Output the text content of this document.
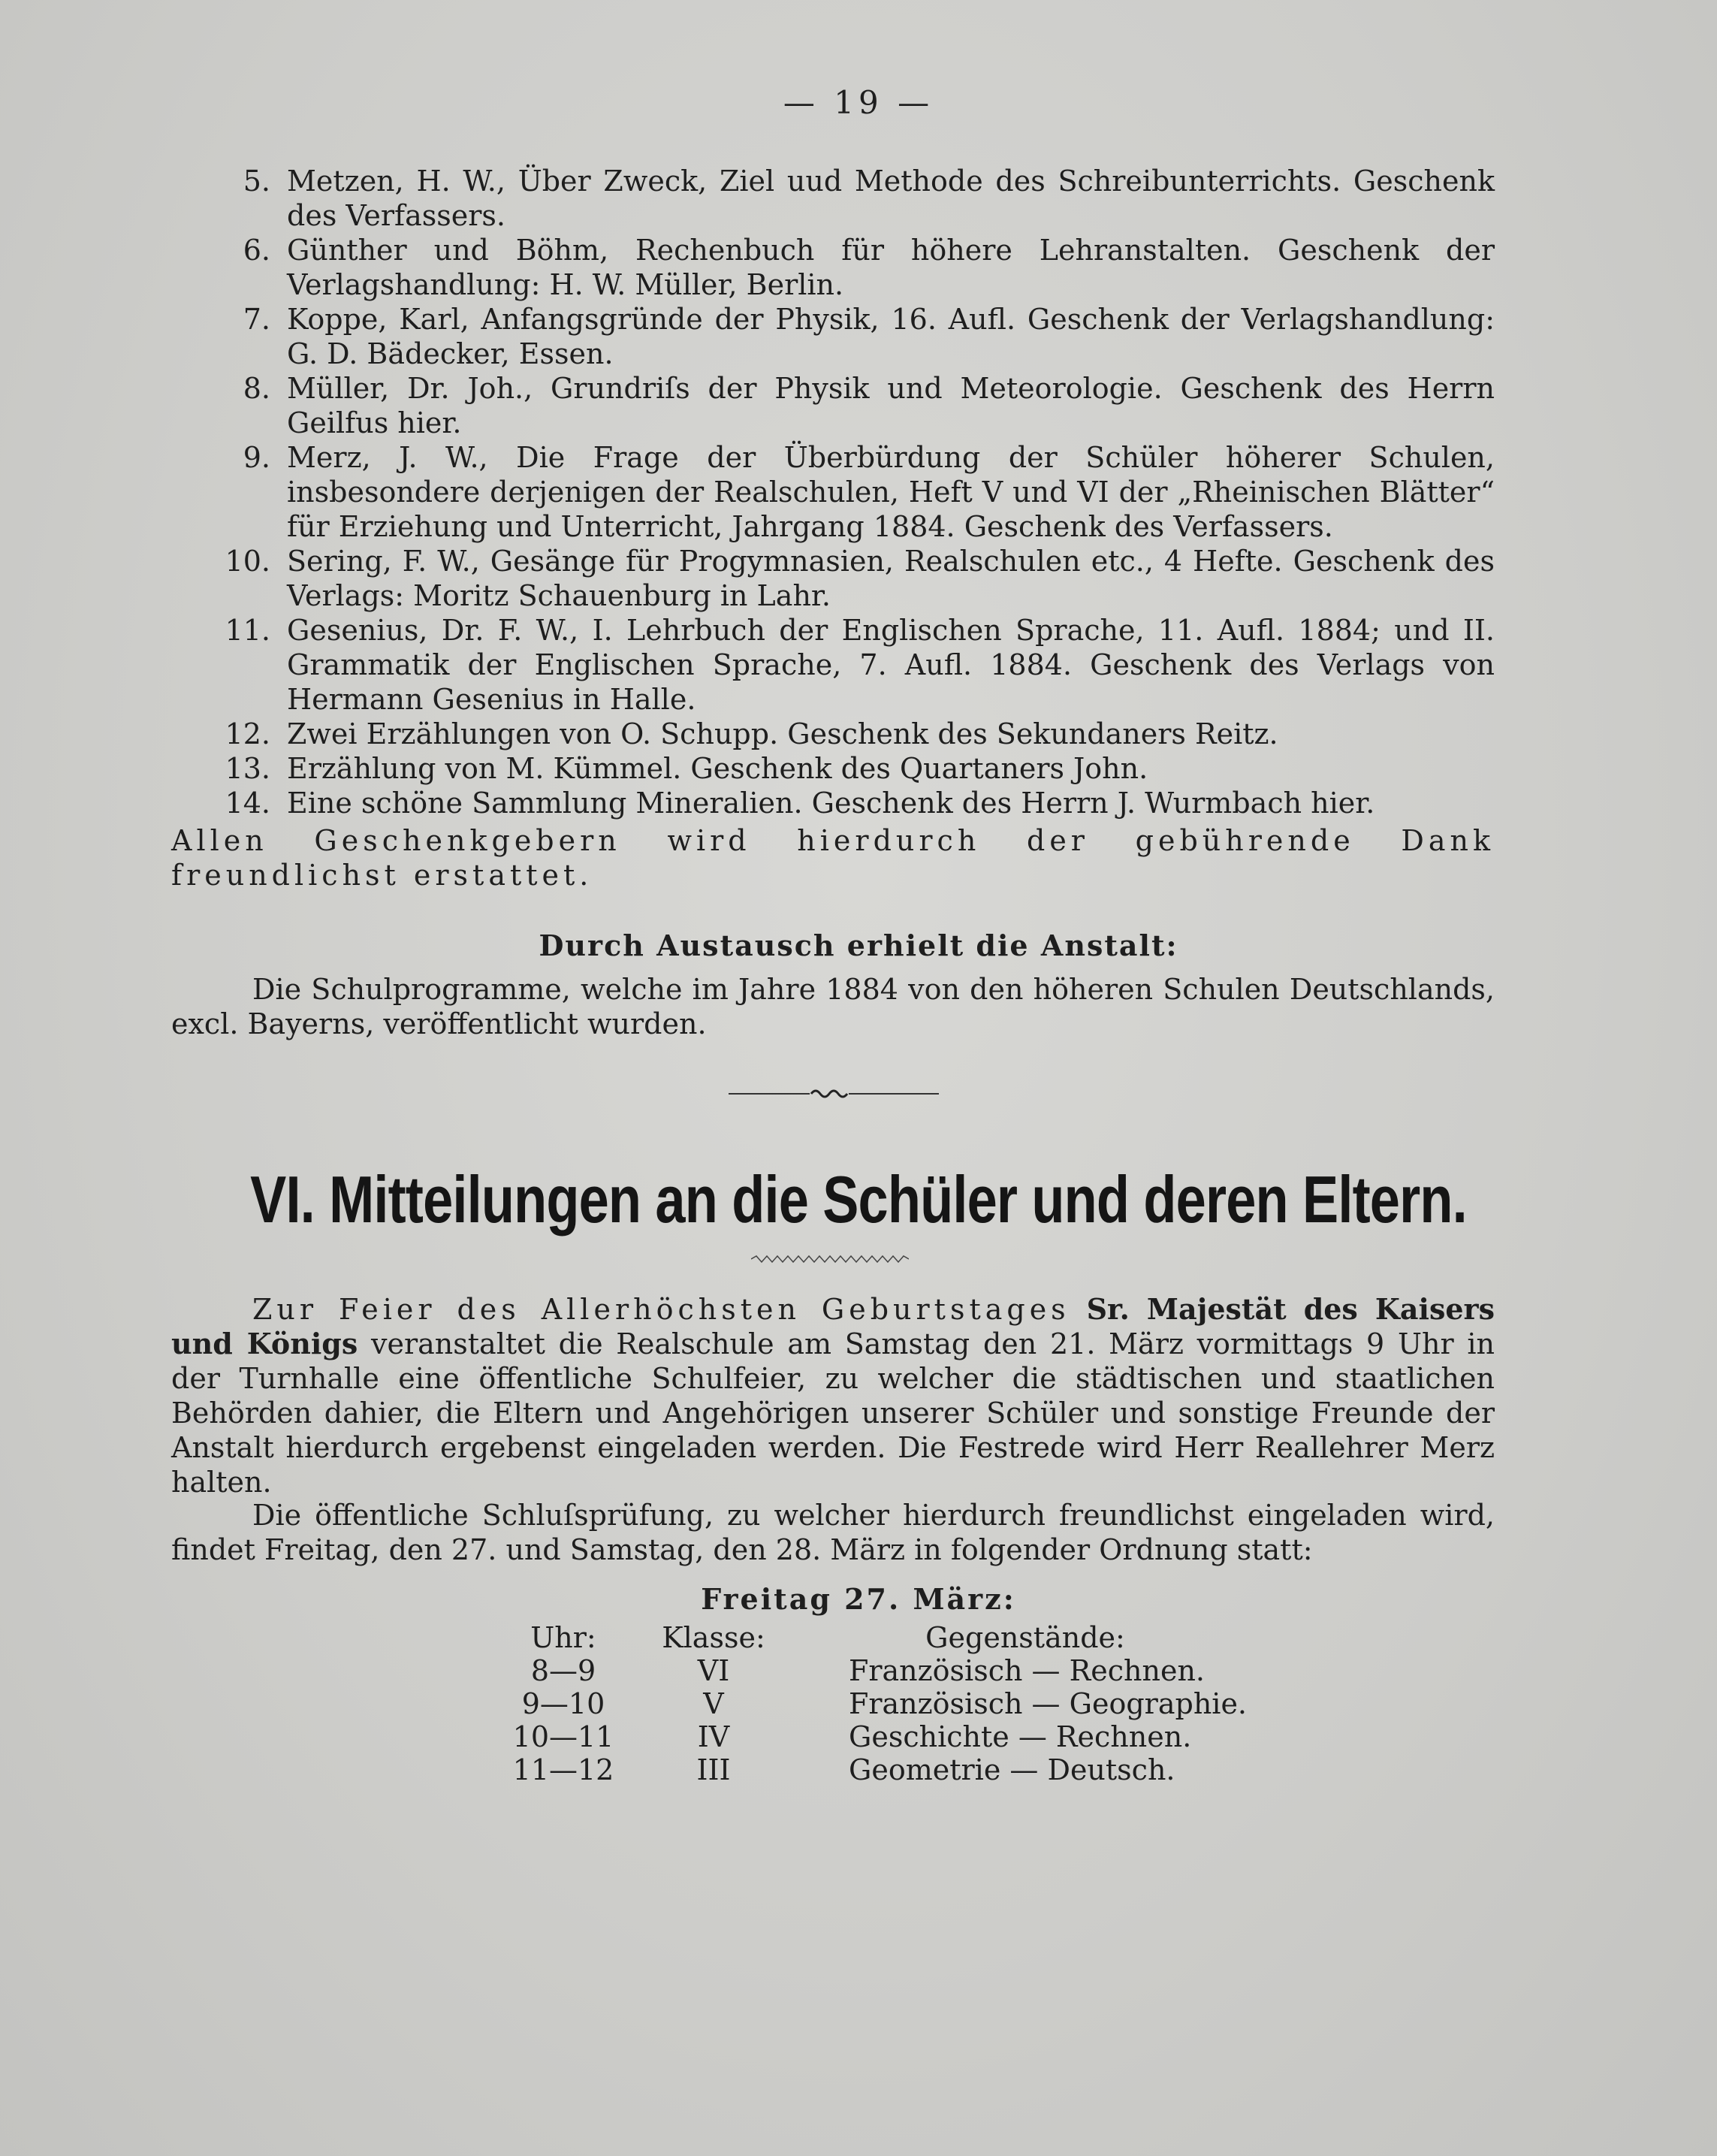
— 19 —
5. Metzen, H. W., Über Zweck, Ziel uud Methode des Schreibunterrichts. Geschenk des Verfassers.
6. Günther und Böhm, Rechenbuch für höhere Lehranstalten. Geschenk der Verlagshandlung: H. W. Müller, Berlin.
7. Koppe, Karl, Anfangsgründe der Physik, 16. Aufl. Geschenk der Verlagshandlung: G. D. Bädecker, Essen.
8. Müller, Dr. Joh., Grundriſs der Physik und Meteorologie. Geschenk des Herrn Geilfus hier.
9. Merz, J. W., Die Frage der Überbürdung der Schüler höherer Schulen, insbesondere derjenigen der Realschulen, Heft V und VI der „Rheinischen Blätter“ für Erziehung und Unterricht, Jahrgang 1884. Geschenk des Verfassers.
10. Sering, F. W., Gesänge für Progymnasien, Realschulen etc., 4 Hefte. Geschenk des Verlags: Moritz Schauenburg in Lahr.
11. Gesenius, Dr. F. W., I. Lehrbuch der Englischen Sprache, 11. Aufl. 1884; und II. Grammatik der Englischen Sprache, 7. Aufl. 1884. Geschenk des Verlags von Hermann Gesenius in Halle.
12. Zwei Erzählungen von O. Schupp. Geschenk des Sekundaners Reitz.
13. Erzählung von M. Kümmel. Geschenk des Quartaners John.
14. Eine schöne Sammlung Mineralien. Geschenk des Herrn J. Wurmbach hier.
Allen Geschenkgebern wird hierdurch der gebührende Dank freundlichst erstattet.
Durch Austausch erhielt die Anstalt:
Die Schulprogramme, welche im Jahre 1884 von den höheren Schulen Deutschlands, excl. Bayerns, veröffentlicht wurden.
VI. Mitteilungen an die Schüler und deren Eltern.
Zur Feier des Allerhöchsten Geburtstages Sr. Majestät des Kaisers und Königs veranstaltet die Realschule am Samstag den 21. März vormittags 9 Uhr in der Turnhalle eine öffentliche Schulfeier, zu welcher die städtischen und staatlichen Behörden dahier, die Eltern und Angehörigen unserer Schüler und sonstige Freunde der Anstalt hierdurch ergebenst eingeladen werden. Die Festrede wird Herr Reallehrer Merz halten.
Die öffentliche Schluſsprüfung, zu welcher hierdurch freundlichst eingeladen wird, findet Freitag, den 27. und Samstag, den 28. März in folgender Ordnung statt:
Freitag 27. März:
Uhr:	Klasse:	Gegenstände:
8—9	VI	Französisch — Rechnen.
9—10	V	Französisch — Geographie.
10—11	IV	Geschichte — Rechnen.
11—12	III	Geometrie — Deutsch.
